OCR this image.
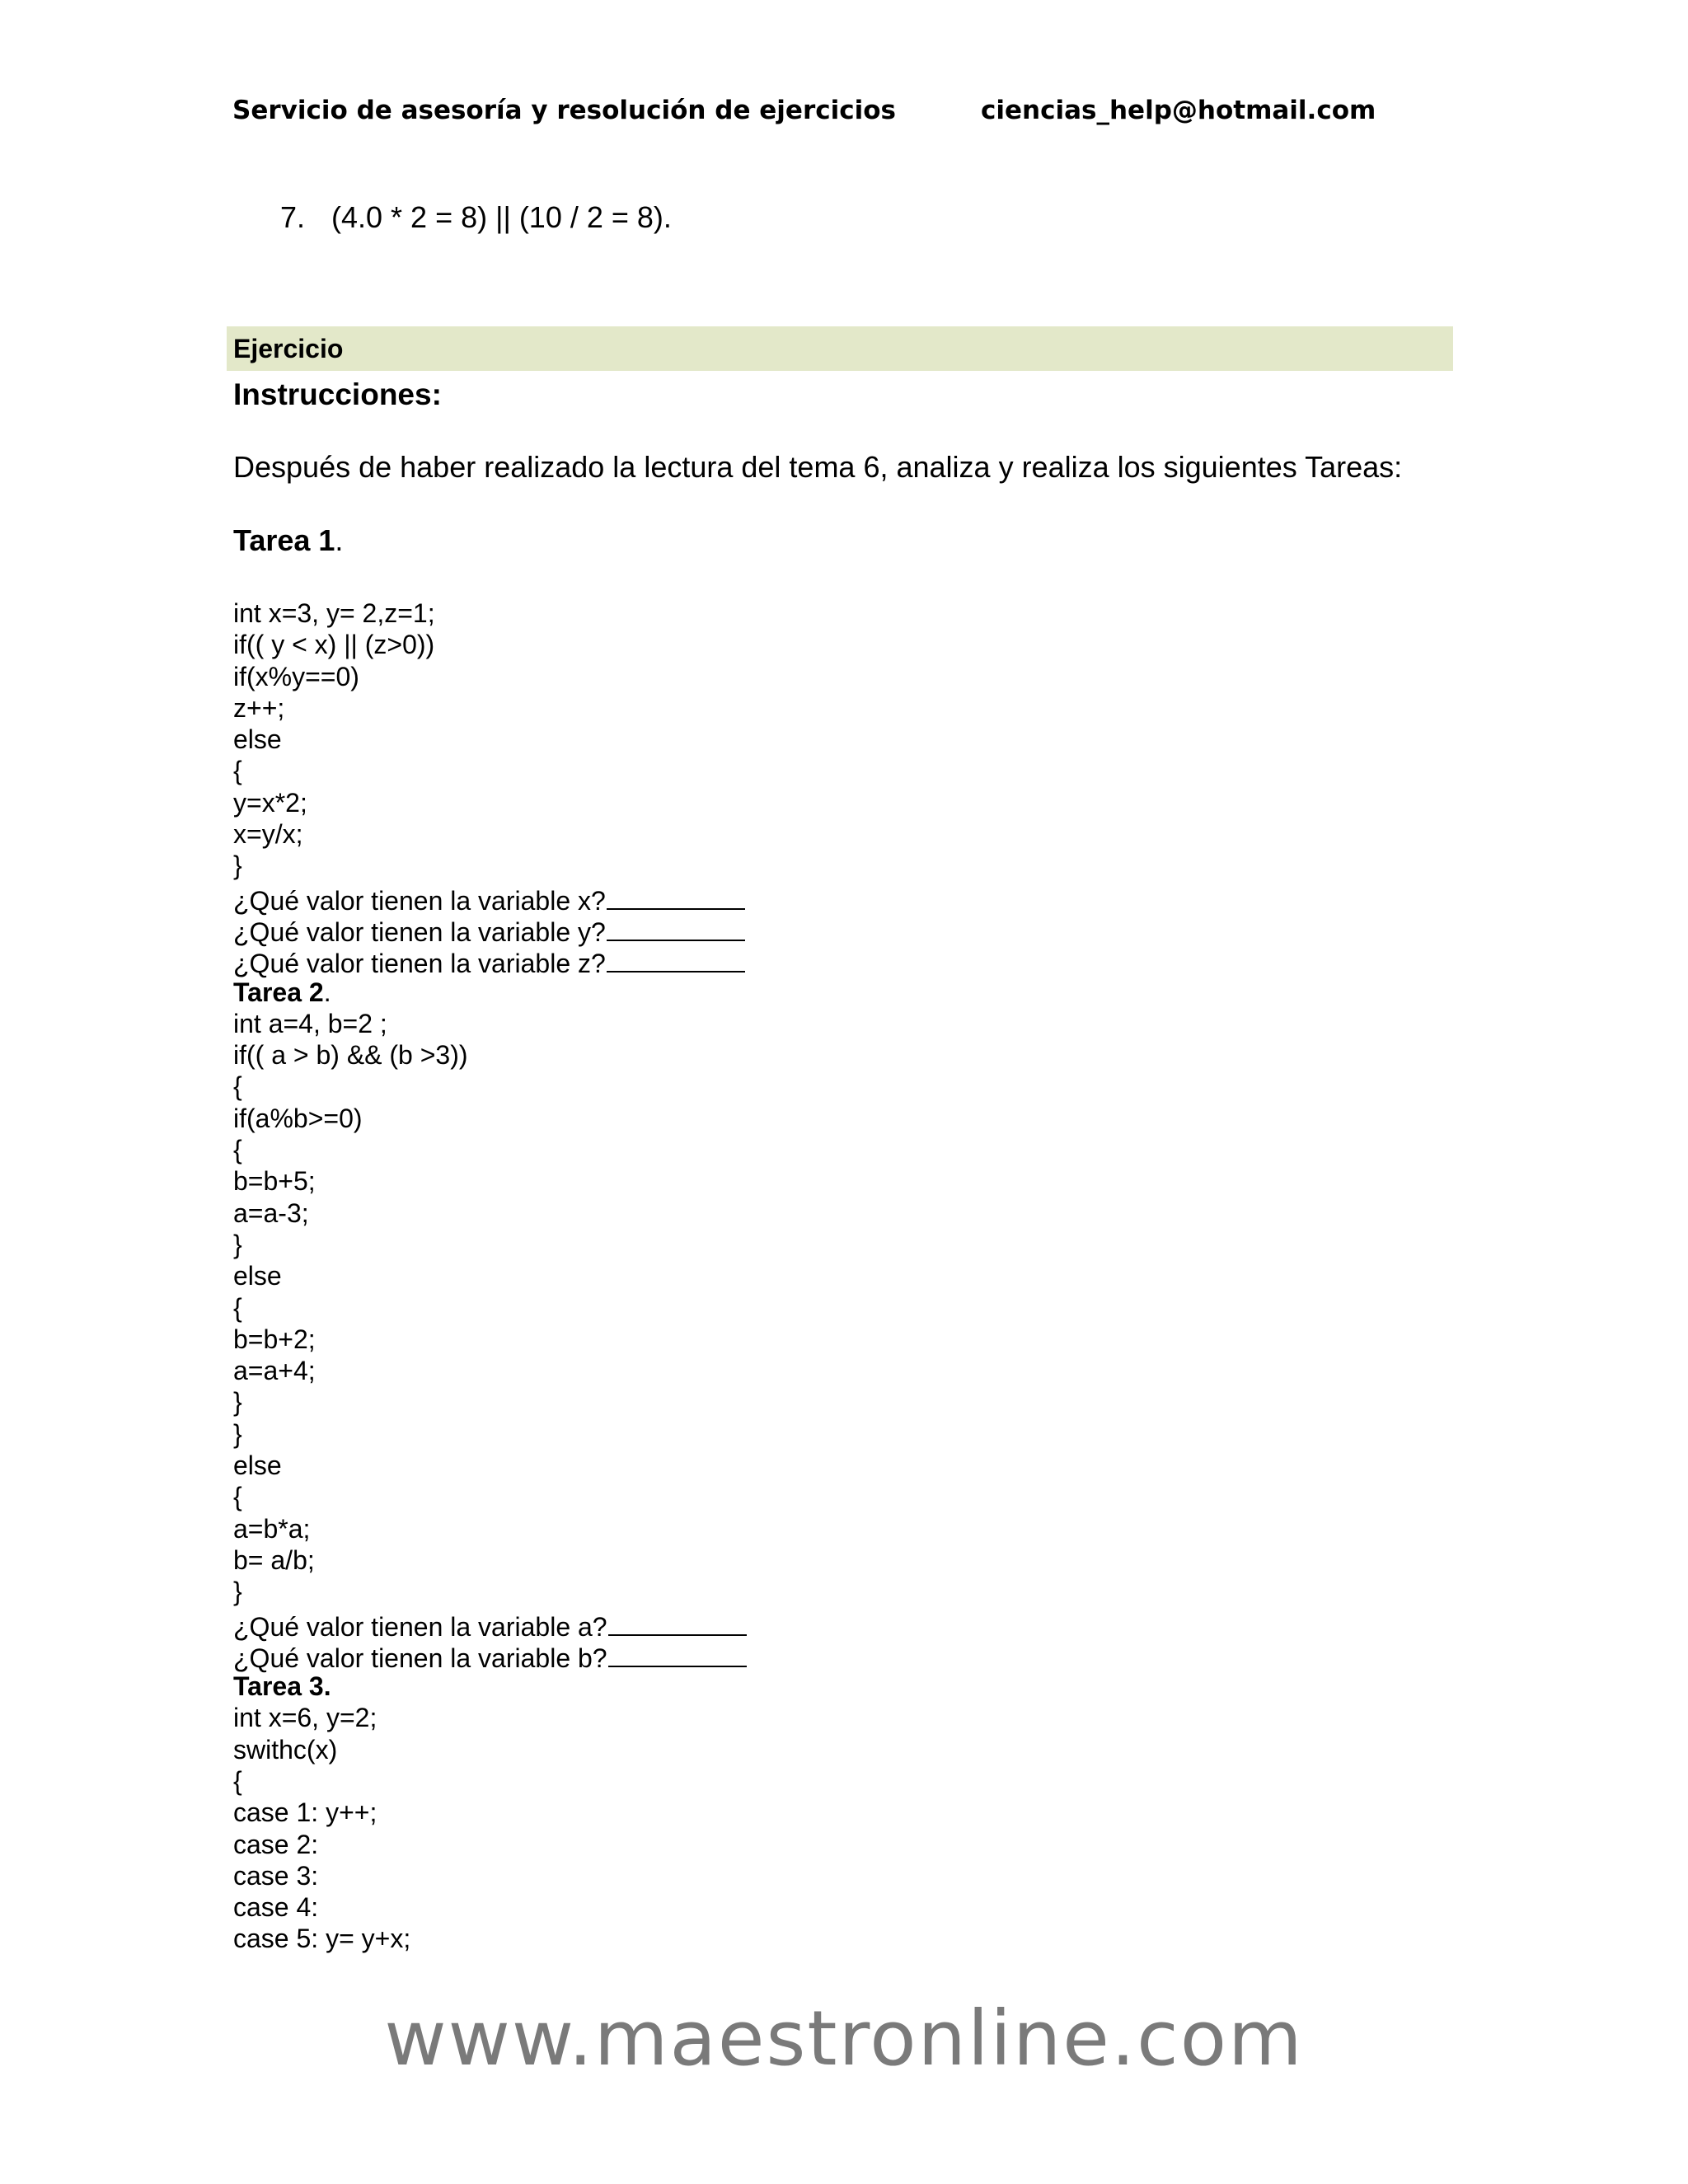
Servicio de asesoría y resolución de ejercicios	ciencias_help@hotmail.com
7. (4.0 * 2 = 8) || (10 / 2 = 8).
Ejercicio
Instrucciones:
Después de haber realizado la lectura del tema 6, analiza y realiza los siguientes Tareas:
Tarea 1.
int x=3, y= 2,z=1;
if(( y < x) || (z>0))
if(x%y==0)
z++;
else
{
y=x*2;
x=y/x;
}
¿Qué valor tienen la variable x?
¿Qué valor tienen la variable y?
¿Qué valor tienen la variable z?
Tarea 2.
int a=4, b=2 ;
if(( a > b) && (b >3))
{
if(a%b>=0)
{
b=b+5;
a=a-3;
}
else
{
b=b+2;
a=a+4;
}
}
else
{
a=b*a;
b= a/b;
}
¿Qué valor tienen la variable a?
¿Qué valor tienen la variable b?
Tarea 3.
int x=6, y=2;
swithc(x)
{
case 1: y++;
case 2:
case 3:
case 4:
case 5: y= y+x;
www.maestronline.com
